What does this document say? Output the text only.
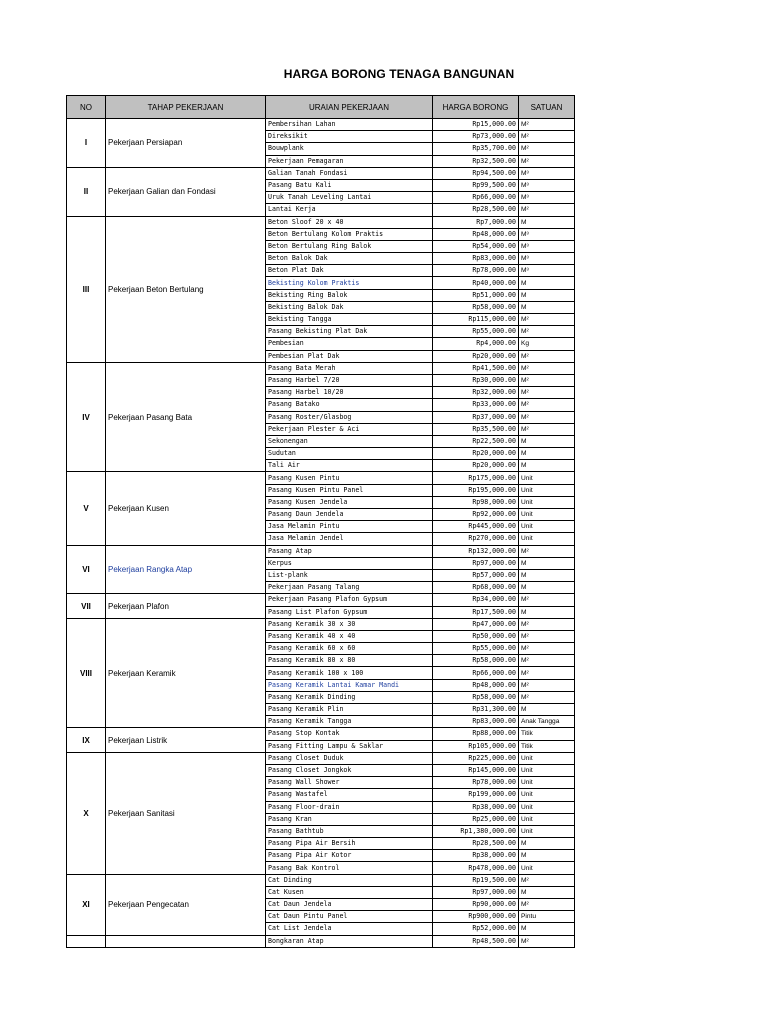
HARGA BORONG TENAGA BANGUNAN
NO	TAHAP PEKERJAAN	URAIAN PEKERJAAN	HARGA BORONG	SATUAN
I	Pekerjaan Persiapan	Pembersihan Lahan	Rp15,000.00	M²
		Direksikit	Rp73,000.00	M²
		Bouwplank	Rp35,700.00	M²
		Pekerjaan Pemagaran	Rp32,500.00	M²
II	Pekerjaan Galian dan Fondasi	Galian Tanah Fondasi	Rp94,500.00	M³
		Pasang Batu Kali	Rp99,500.00	M³
		Uruk Tanah Leveling Lantai	Rp66,000.00	M³
		Lantai Kerja	Rp28,500.00	M²
III	Pekerjaan Beton Bertulang	Beton Sloof 20 x 40	Rp7,000.00	M
		Beton Bertulang Kolom Praktis	Rp48,000.00	M³
		Beton Bertulang Ring Balok	Rp54,000.00	M³
		Beton Balok Dak	Rp83,000.00	M³
		Beton Plat Dak	Rp78,000.00	M³
		Bekisting Kolom Praktis	Rp40,000.00	M
		Bekisting Ring Balok	Rp51,000.00	M
		Bekisting Balok Dak	Rp58,000.00	M
		Bekisting Tangga	Rp115,000.00	M²
		Pasang Bekisting Plat Dak	Rp55,000.00	M²
		Pembesian	Rp4,000.00	Kg
		Pembesian Plat Dak	Rp20,000.00	M²
IV	Pekerjaan Pasang Bata	Pasang Bata Merah	Rp41,500.00	M²
		Pasang Harbel 7/20	Rp30,000.00	M²
		Pasang Harbel 10/20	Rp32,000.00	M²
		Pasang Batako	Rp33,000.00	M²
		Pasang Roster/Glasbog	Rp37,000.00	M²
		Pekerjaan Plester & Aci	Rp35,500.00	M²
		Sekonengan	Rp22,500.00	M
		Sudutan	Rp20,000.00	M
		Tali Air	Rp20,000.00	M
V	Pekerjaan Kusen	Pasang Kusen Pintu	Rp175,000.00	Unit
		Pasang Kusen Pintu Panel	Rp195,000.00	Unit
		Pasang Kusen Jendela	Rp98,000.00	Unit
		Pasang Daun Jendela	Rp92,000.00	Unit
		Jasa Melamin Pintu	Rp445,000.00	Unit
		Jasa Melamin Jendel	Rp270,000.00	Unit
VI	Pekerjaan Rangka Atap	Pasang Atap	Rp132,000.00	M²
		Kerpus	Rp97,000.00	M
		List-plank	Rp57,000.00	M
		Pekerjaan Pasang Talang	Rp68,000.00	M
VII	Pekerjaan Plafon	Pekerjaan Pasang Plafon Gypsum	Rp34,000.00	M²
		Pasang List Plafon Gypsum	Rp17,500.00	M
VIII	Pekerjaan Keramik	Pasang Keramik 30 x 30	Rp47,000.00	M²
		Pasang Keramik 40 x 40	Rp50,000.00	M²
		Pasang Keramik 60 x 60	Rp55,000.00	M²
		Pasang Keramik 80 x 80	Rp58,000.00	M²
		Pasang Keramik 100 x 100	Rp66,000.00	M²
		Pasang Keramik Lantai Kamar Mandi	Rp48,000.00	M²
		Pasang Keramik Dinding	Rp58,000.00	M²
		Pasang Keramik Plin	Rp31,300.00	M
		Pasang Keramik Tangga	Rp83,000.00	Anak Tangga
IX	Pekerjaan Listrik	Pasang Stop Kontak	Rp88,000.00	Titik
		Pasang Fitting Lampu & Saklar	Rp105,000.00	Titik
X	Pekerjaan Sanitasi	Pasang Closet Duduk	Rp225,000.00	Unit
		Pasang Closet Jongkok	Rp145,000.00	Unit
		Pasang Wall Shower	Rp78,000.00	Unit
		Pasang Wastafel	Rp199,000.00	Unit
		Pasang Floor-drain	Rp38,000.00	Unit
		Pasang Kran	Rp25,000.00	Unit
		Pasang Bathtub	Rp1,380,000.00	Unit
		Pasang Pipa Air Bersih	Rp28,500.00	M
		Pasang Pipa Air Kotor	Rp38,000.00	M
		Pasang Bak Kontrol	Rp478,000.00	Unit
XI	Pekerjaan Pengecatan	Cat Dinding	Rp19,500.00	M²
		Cat Kusen	Rp97,000.00	M
		Cat Daun Jendela	Rp90,000.00	M²
		Cat Daun Pintu Panel	Rp900,000.00	Pintu
		Cat List Jendela	Rp52,000.00	M
		Bongkaran Atap	Rp48,500.00	M²
